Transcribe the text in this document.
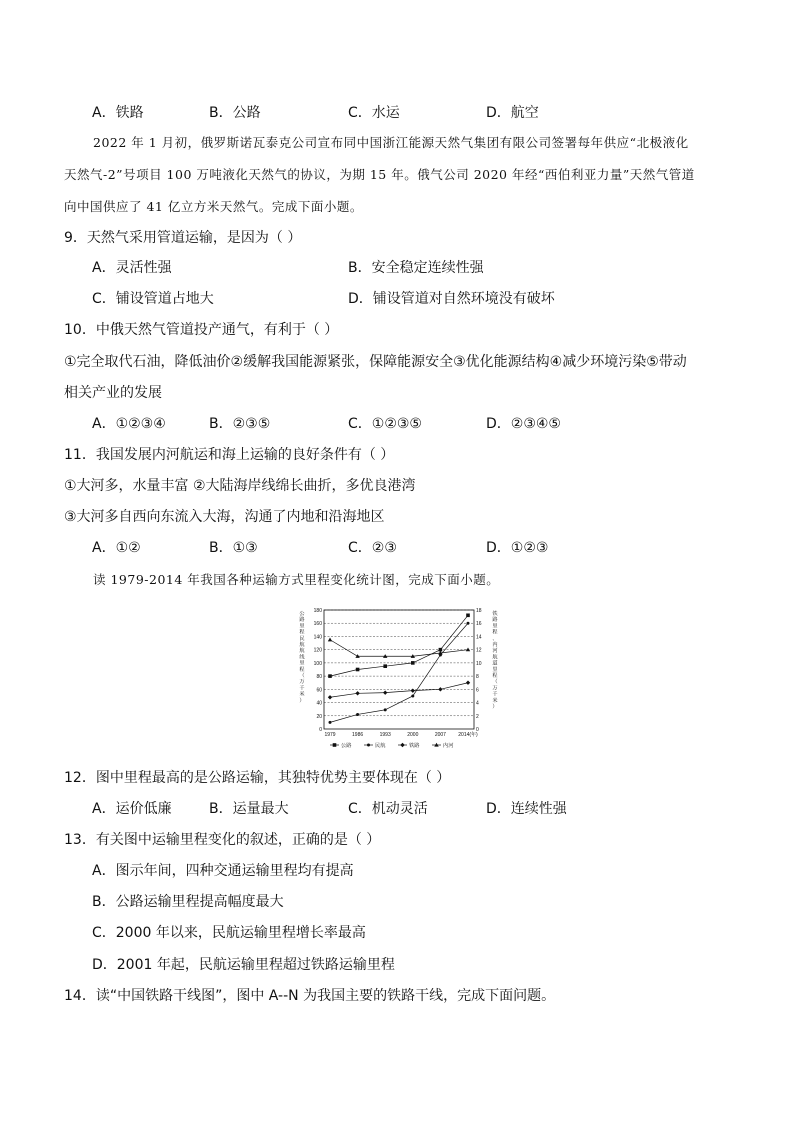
A．铁路	B．公路	C．水运	D．航空
2022 年 1 月初，俄罗斯诺瓦泰克公司宣布同中国浙江能源天然气集团有限公司签署每年供应“北极液化
天然气-2”号项目 100 万吨液化天然气的协议，为期 15 年。俄气公司 2020 年经“西伯利亚力量”天然气管道
向中国供应了 41 亿立方米天然气。完成下面小题。
9．天然气采用管道运输，是因为（ ）
A．灵活性强	B．安全稳定连续性强
C．铺设管道占地大	D．铺设管道对自然环境没有破坏
10．中俄天然气管道投产通气，有利于（ ）
①完全取代石油，降低油价②缓解我国能源紧张，保障能源安全③优化能源结构④减少环境污染⑤带动
相关产业的发展
A．①②③④	B．②③⑤	C．①②③⑤	D．②③④⑤
11．我国发展内河航运和海上运输的良好条件有（ ）
①大河多，水量丰富 ②大陆海岸线绵长曲折，多优良港湾
③大河多自西向东流入大海，沟通了内地和沿海地区
A．①②	B．①③	C．②③	D．①②③
读 1979-2014 年我国各种运输方式里程变化统计图，完成下面小题。
公
路
里
程
民
航
航
线
里
程
（
万
千
米
）
铁
路
里
程
、
内
河
航
道
里
程
（
万
千
米
）
0	0
20	2
40	4
60	6
80	8
100	10
120	12
140	14
160	16
180	18
1979	1986	1993	2000	2007 2014(年)
公路	民航	铁路	内河
12．图中里程最高的是公路运输，其独特优势主要体现在（ ）
A．运价低廉	B．运量最大	C．机动灵活	D．连续性强
13．有关图中运输里程变化的叙述，正确的是（ ）
A．图示年间，四种交通运输里程均有提高
B．公路运输里程提高幅度最大
C．2000 年以来，民航运输里程增长率最高
D．2001 年起，民航运输里程超过铁路运输里程
14．读“中国铁路干线图”，图中 A--N 为我国主要的铁路干线，完成下面问题。
